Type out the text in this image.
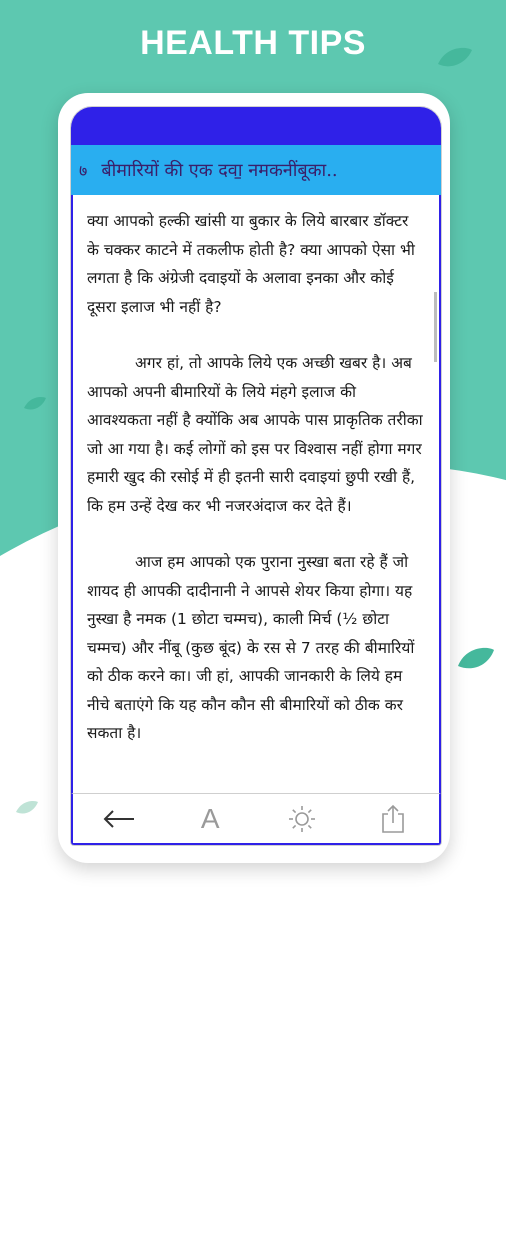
HEALTH TIPS
७ बीमारियों की एक दवा॒ नमकनींबूका..

क्या आपको हल्की खांसी या बुकार के लिये बारबार डॉक्टर के चक्कर काटने में तकलीफ होती है? क्या आपको ऐसा भी लगता है कि अंग्रेजी दवाइयों के अलावा इनका और कोई दूसरा इलाज भी नहीं है?

अगर हां, तो आपके लिये एक अच्छी खबर है। अब आपको अपनी बीमारियों के लिये मंहगे इलाज की आवश्यकता नहीं है क्योंकि अब आपके पास प्राकृतिक तरीका जो आ गया है। कई लोगों को इस पर विश्वास नहीं होगा मगर हमारी खुद की रसोई में ही इतनी सारी दवाइयां छुपी रखी हैं, कि हम उन्हें देख कर भी नजरअंदाज कर देते हैं।

आज हम आपको एक पुराना नुस्खा बता रहे हैं जो शायद ही आपकी दादीनानी ने आपसे शेयर किया होगा। यह नुस्खा है नमक (1 छोटा चम्मच), काली मिर्च (½ छोटा चम्मच) और नींबू (कुछ बूंद) के रस से 7 तरह की बीमारियों को ठीक करने का। जी हां, आपकी जानकारी के लिये हम नीचे बताएंगे कि यह कौन कौन सी बीमारियों को ठीक कर सकता है।

A
